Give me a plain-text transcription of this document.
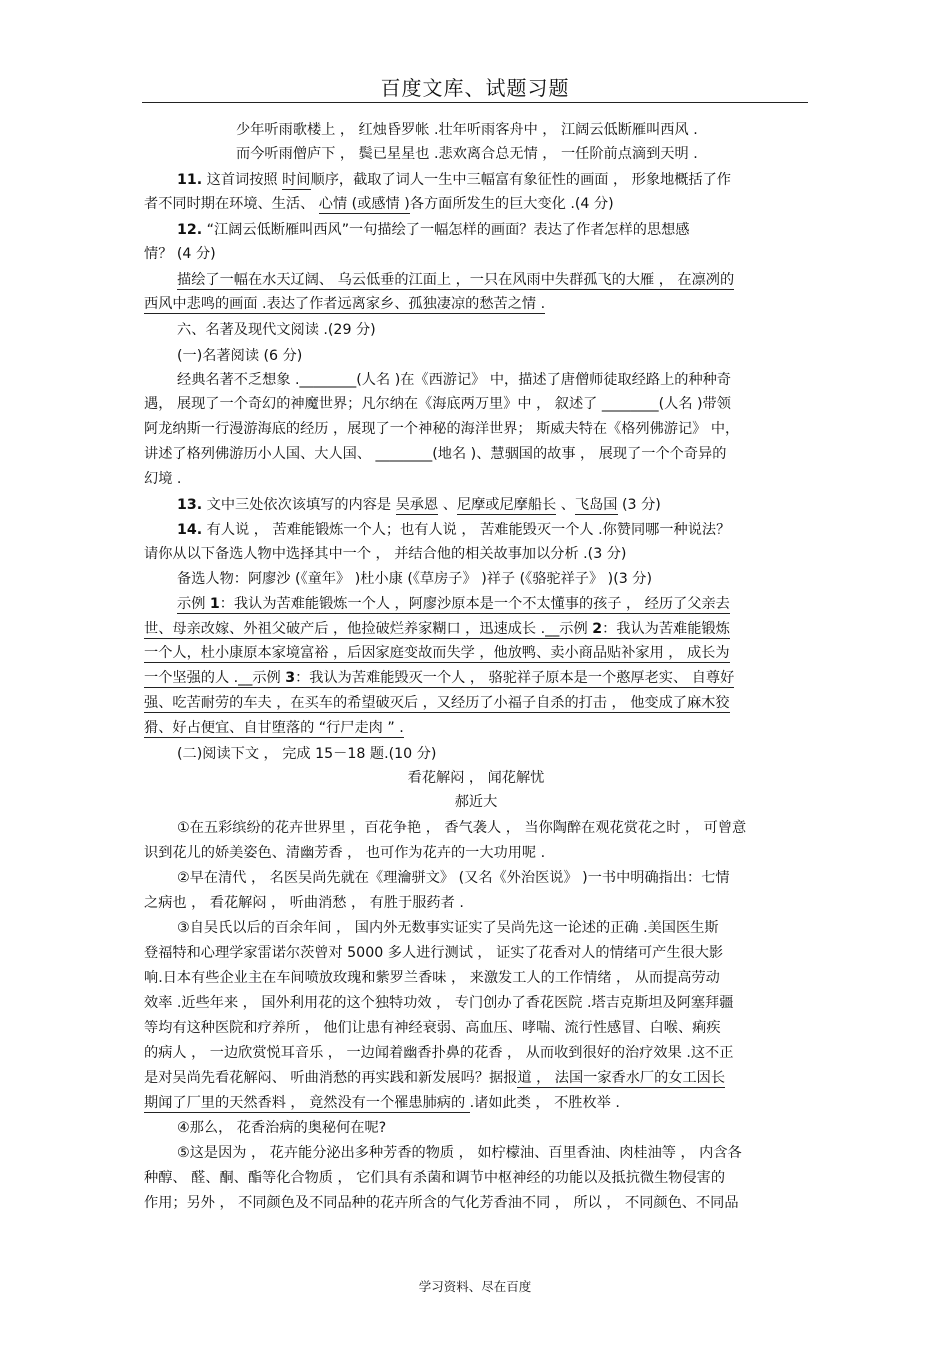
百度文库、试题习题
少年听雨歌楼上 ， 红烛昏罗帐 .壮年听雨客舟中 ， 江阔云低断雁叫西风 .
而今听雨僧庐下 ， 鬓已星星也 .悲欢离合总无情 ， 一任阶前点滴到天明 .
11. 这首词按照 时间顺序，截取了词人一生中三幅富有象征性的画面 ， 形象地概括了作
者不同时期在环境、生活、 心情 (或感情 )各方面所发生的巨大变化 .(4 分)
12. “江阔云低断雁叫西风”一句描绘了一幅怎样的画面？表达了作者怎样的思想感
情？ (4 分)
描绘了一幅在水天辽阔、 乌云低垂的江面上 ，一只在风雨中失群孤飞的大雁 ， 在凛冽的
西风中悲鸣的画面 .表达了作者远离家乡、孤独凄凉的愁苦之情 .
六、名著及现代文阅读 .(29 分)
(一)名著阅读 (6 分)
经典名著不乏想象 .________(人名 )在《西游记》 中，描述了唐僧师徒取经路上的种种奇
遇， 展现了一个奇幻的神魔世界；凡尔纳在《海底两万里》中 ， 叙述了 ________(人名 )带领
阿龙纳斯一行漫游海底的经历 ，展现了一个神秘的海洋世界； 斯威夫特在《格列佛游记》 中，
讲述了格列佛游历小人国、大人国、 ________(地名 )、慧骃国的故事 ， 展现了一个个奇异的
幻境 .
13. 文中三处依次该填写的内容是 吴承恩 、尼摩或尼摩船长 、飞岛国 (3 分)
14. 有人说 ， 苦难能锻炼一个人；也有人说 ， 苦难能毁灭一个人 .你赞同哪一种说法？
请你从以下备选人物中选择其中一个 ， 并结合他的相关故事加以分析 .(3 分)
备选人物：阿廖沙 (《童年》 )杜小康 (《草房子》 )祥子 (《骆驼祥子》 )(3 分)
示例 1：我认为苦难能锻炼一个人 ，阿廖沙原本是一个不太懂事的孩子 ， 经历了父亲去
世、母亲改嫁、外祖父破产后 ，他捡破烂养家糊口 ，迅速成长 .__示例 2：我认为苦难能锻炼
一个人，杜小康原本家境富裕 ，后因家庭变故而失学 ，他放鸭、卖小商品贴补家用 ， 成长为
一个坚强的人 .__示例 3：我认为苦难能毁灭一个人 ， 骆驼祥子原本是一个憨厚老实、 自尊好
强、吃苦耐劳的车夫 ，在买车的希望破灭后 ，又经历了小福子自杀的打击 ， 他变成了麻木狡
猾、好占便宜、自甘堕落的 “行尸走肉 ” .
(二)阅读下文 ， 完成 15－18 题.(10 分)
看花解闷 ， 闻花解忧
郝近大
①在五彩缤纷的花卉世界里 ，百花争艳 ， 香气袭人 ， 当你陶醉在观花赏花之时 ， 可曾意
识到花儿的娇美姿色、清幽芳香 ， 也可作为花卉的一大功用呢 .
②早在清代 ， 名医吴尚先就在《理瀹骈文》 (又名《外治医说》 )一书中明确指出：七情
之病也 ， 看花解闷 ， 听曲消愁 ， 有胜于服药者 .
③自吴氏以后的百余年间 ， 国内外无数事实证实了吴尚先这一论述的正确 .美国医生斯
登福特和心理学家雷诺尔茨曾对 5000 多人进行测试 ， 证实了花香对人的情绪可产生很大影
响.日本有些企业主在车间喷放玫瑰和紫罗兰香味 ， 来激发工人的工作情绪 ， 从而提高劳动
效率 .近些年来 ， 国外利用花的这个独特功效 ， 专门创办了香花医院 .塔吉克斯坦及阿塞拜疆
等均有这种医院和疗养所 ， 他们让患有神经衰弱、高血压、哮喘、流行性感冒、白喉、痢疾
的病人 ， 一边欣赏悦耳音乐 ， 一边闻着幽香扑鼻的花香 ， 从而收到很好的治疗效果 .这不正
是对吴尚先看花解闷、 听曲消愁的再实践和新发展吗？据报道 ， 法国一家香水厂的女工因长
期闻了厂里的天然香料 ， 竟然没有一个罹患肺病的 .诸如此类 ， 不胜枚举 .
④那么， 花香治病的奥秘何在呢?
⑤这是因为 ， 花卉能分泌出多种芳香的物质 ， 如柠檬油、百里香油、肉桂油等 ， 内含各
种醇、 醛、酮、酯等化合物质 ， 它们具有杀菌和调节中枢神经的功能以及抵抗微生物侵害的
作用；另外 ， 不同颜色及不同品种的花卉所含的气化芳香油不同 ， 所以 ， 不同颜色、不同品
学习资料、尽在百度
